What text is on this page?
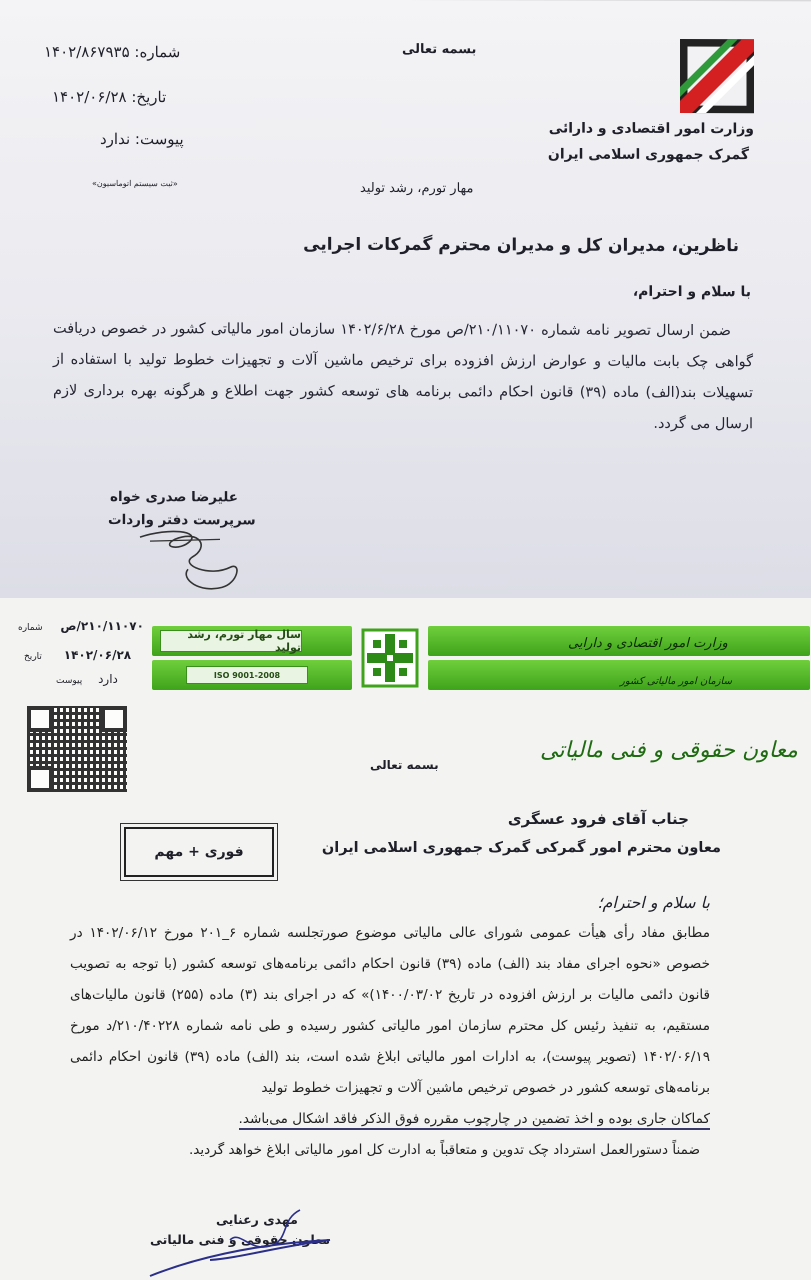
وزارت امور اقتصادی و دارائی
گمرک جمهوری اسلامی ایران
بسمه تعالی
شماره: ۱۴۰۲/۸۶۷۹۳۵
تاریخ: ۱۴۰۲/۰۶/۲۸
پیوست: ندارد
«ثبت سیستم اتوماسیون»	مهار تورم، رشد تولید
ناظرین، مدیران کل و مدیران محترم گمرکات اجرایی
با سلام و احترام،

ضمن ارسال تصویر نامه شماره ۲۱۰/۱۱۰۷۰/ص مورخ ۱۴۰۲/۶/۲۸ سازمان امور مالیاتی کشور در خصوص دریافت گواهی چک بابت مالیات و عوارض ارزش افزوده برای ترخیص ماشین آلات و تجهیزات خطوط تولید با استفاده از تسهیلات بند(الف) ماده (۳۹) قانون احکام دائمی برنامه های توسعه کشور جهت اطلاع و هرگونه بهره برداری لازم ارسال می گردد.

علیرضا صدری خواه
سرپرست دفتر واردات
۲۱۰/۱۱۰۷۰/ص شماره
۱۴۰۲/۰۶/۲۸ تاریخ
دارد پیوست
سال مهار تورم، رشد تولید
ISO 9001-2008
وزارت امور اقتصادی و دارایی
سازمان امور مالیاتی کشور
معاون حقوقی و فنی مالیاتی
بسمه تعالی
جناب آقای فرود عسگری
معاون محترم امور گمرکی گمرک جمهوری اسلامی ایران
فوری + مهم
با سلام و احترام؛

مطابق مفاد رأی هیأت عمومی شورای عالی مالیاتی موضوع صورتجلسه شماره ۶_۲۰۱ مورخ ۱۴۰۲/۰۶/۱۲ در خصوص «نحوه اجرای مفاد بند (الف) ماده (۳۹) قانون احکام دائمی برنامه‌های توسعه کشور (با توجه به تصویب قانون دائمی مالیات بر ارزش افزوده در تاریخ ۱۴۰۰/۰۳/۰۲)» که در اجرای بند (۳) ماده (۲۵۵) قانون مالیات‌های مستقیم، به تنفیذ رئیس کل محترم سازمان امور مالیاتی کشور رسیده و طی نامه شماره ۲۱۰/۴۰۲۲۸/د مورخ ۱۴۰۲/۰۶/۱۹ (تصویر پیوست)، به ادارات امور مالیاتی ابلاغ شده است، بند (الف) ماده (۳۹) قانون احکام دائمی برنامه‌های توسعه کشور در خصوص ترخیص ماشین آلات و تجهیزات خطوط تولید

کماکان جاری بوده و اخذ تضمین در چارچوب مقرره فوق الذکر فاقد اشکال می‌باشد.

ضمناً دستورالعمل استرداد چک تدوین و متعاقباً به ادارت کل امور مالیاتی ابلاغ خواهد گردید.

مهدی رعنایی
معاون حقوقی و فنی مالیاتی
